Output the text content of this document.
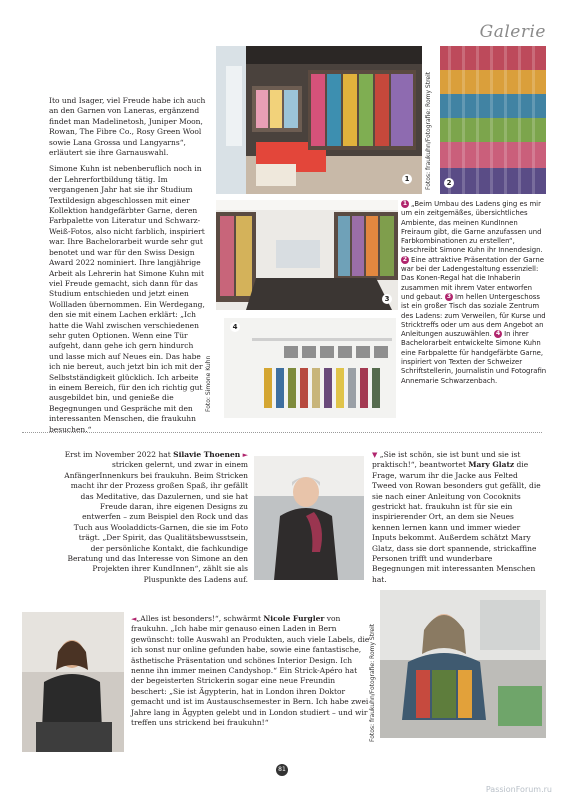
Galerie

Ito und Isager, viel Freude habe ich auch an den Garnen von Laneras, ergänzend findet man Madelinetosh, Juniper Moon, Rowan, The Fibre Co., Rosy Green Wool sowie Lana Grossa und Langyarns“, erläutert sie ihre Garnauswahl.

Simone Kuhn ist nebenberuflich noch in der Lehrerfortbildung tätig. Im vergangenen Jahr hat sie ihr Studium Textildesign abgeschlossen mit einer Kollektion handgefärbter Garne, deren Farbpalette von Literatur und Schwarz-Weiß-Fotos, also nicht farblich, inspiriert war. Ihre Bachelorarbeit wurde sehr gut benotet und war für den Swiss Design Award 2022 nominiert. Ihre langjährige Arbeit als Lehrerin hat Simone Kuhn mit viel Freude gemacht, sich dann für das Studium entschieden und jetzt einen Wollladen übernommen. Ein Werdegang, den sie mit einem Lachen erklärt: „Ich hatte die Wahl zwischen verschiedenen sehr guten Optionen. Wenn eine Tür aufgeht, dann gehe ich gern hindurch und lasse mich auf Neues ein. Das habe ich nie bereut, auch jetzt bin ich mit der Selbstständigkeit glücklich. Ich arbeite in einem Bereich, für den ich richtig gut ausgebildet bin, und genieße die Begegnungen und Gespräche mit den interessanten Menschen, die fraukuhn besuchen.“

1	2
Fotos: fraukuhn/Fotografie: Romy Streit
3
4
Foto: Simone Kuhn
1 „Beim Umbau des Ladens ging es mir um ein zeitgemäßes, übersichtliches Ambiente, das meinen KundInnen Freiraum gibt, die Garne anzufassen und Farbkombinationen zu erstellen“, beschreibt Simone Kuhn ihr Innendesign. 2 Eine attraktive Präsentation der Garne war bei der Ladengestaltung essenziell: Das Konen-Regal hat die Inhaberin zusammen mit ihrem Vater entworfen und gebaut. 3 Im hellen Untergeschoss ist ein großer Tisch das soziale Zentrum des Ladens: zum Verweilen, für Kurse und Stricktreffs oder um aus dem Angebot an Anleitungen auszuwählen. 4 In ihrer Bachelorarbeit entwickelte Simone Kuhn eine Farbpalette für handgefärbte Garne, inspiriert von Texten der Schweizer Schriftstellerin, Journalistin und Fotografin Annemarie Schwarzenbach.
Erst im November 2022 hat Silavie Thoenen ► stricken gelernt, und zwar in einem AnfängerInnenkurs bei fraukuhn. Beim Stricken macht ihr der Prozess großen Spaß, ihr gefällt das Meditative, das Dazulernen, und sie hat Freude daran, ihre eigenen Designs zu entwerfen – zum Beispiel den Rock und das Tuch aus Wooladdicts-Garnen, die sie im Foto trägt. „Der Spirit, das Qualitätsbewusstsein, der persönliche Kontakt, die fachkundige Beratung und das Interesse von Simone an den Projekten ihrer KundInnen“, zählt sie als Pluspunkte des Ladens auf.
▼ „Sie ist schön, sie ist bunt und sie ist praktisch!“, beantwortet Mary Glatz die Frage, warum ihr die Jacke aus Felted Tweed von Rowan besonders gut gefällt, die sie nach einer Anleitung von Cocoknits gestrickt hat. fraukuhn ist für sie ein inspirierender Ort, an dem sie Neues kennen lernen kann und immer wieder Inputs bekommt. Außerdem schätzt Mary Glatz, dass sie dort spannende, strickaffine Personen trifft und wunderbare Begegnungen mit interessanten Menschen hat.
◄„Alles ist besonders!“, schwärmt Nicole Furgler von fraukuhn. „Ich habe mir genauso einen Laden in Bern gewünscht: tolle Auswahl an Produkten, auch viele Labels, die ich sonst nur online gefunden habe, sowie eine fantastische, ästhetische Präsentation und schönes Interior Design. Ich nenne ihn immer meinen Candyshop.“ Ein Strick-Apéro hat der begeisterten Strickerin sogar eine neue Freundin beschert: „Sie ist Ägypterin, hat in London ihren Doktor gemacht und ist im Austauschsemester in Bern. Ich habe zwei Jahre lang in Ägypten gelebt und in London studiert – und wir treffen uns strickend bei fraukuhn!“	Fotos: fraukuhn/Fotografie: Romy Streit
81
PassionForum.ru
